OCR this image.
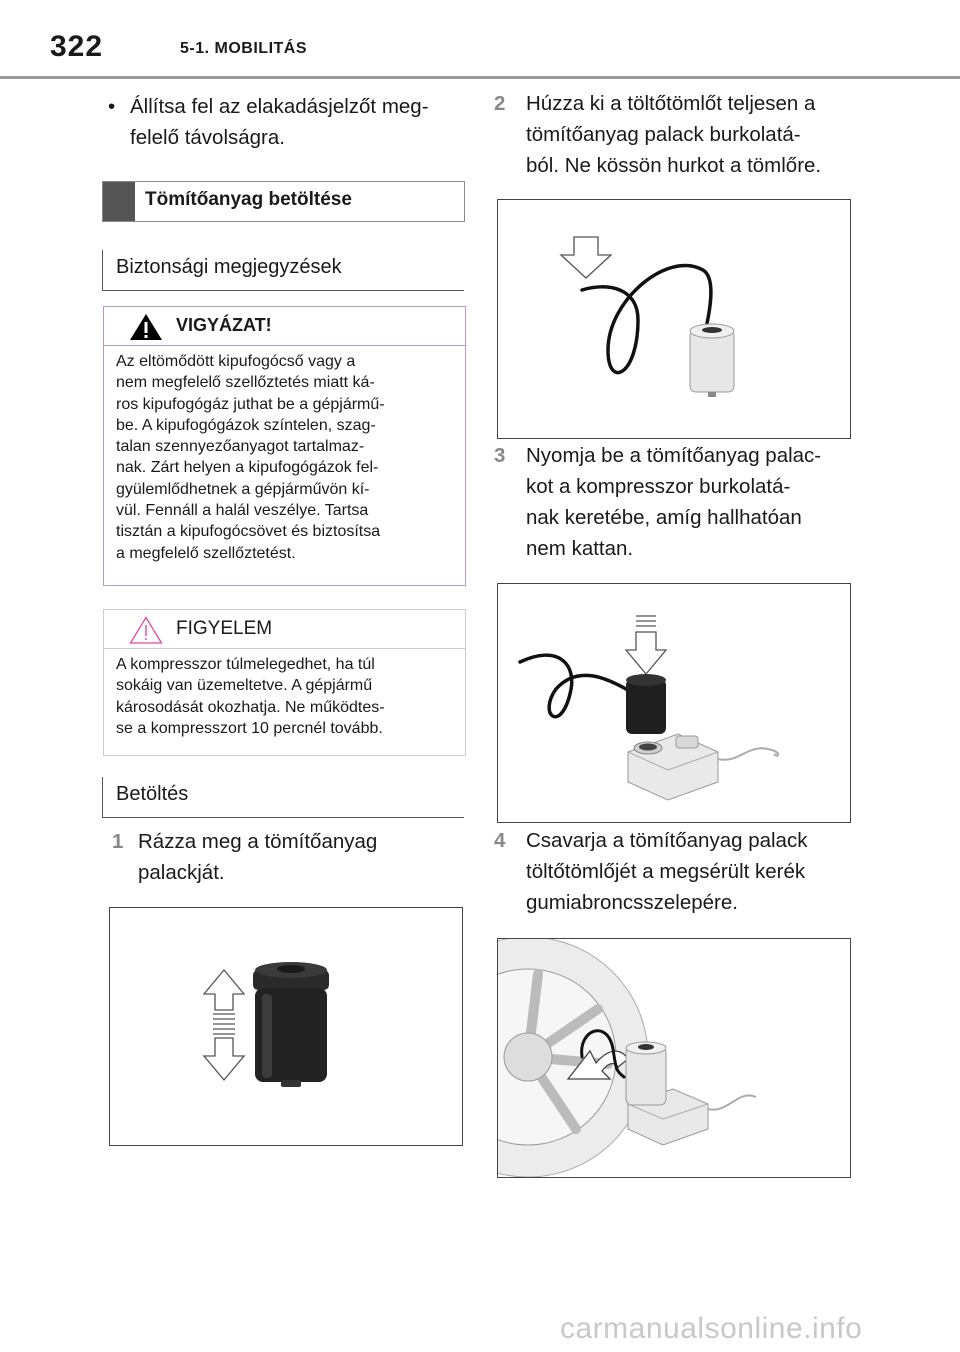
322	5-1. MOBILITÁS
• Állítsa fel az elakadásjelzőt meg-
felelő távolságra.
Tömítőanyag betöltése
Biztonsági megjegyzések
VIGYÁZAT!
Az eltömődött kipufogócső vagy a
nem megfelelő szellőztetés miatt ká-
ros kipufogógáz juthat be a gépjármű-
be. A kipufogógázok színtelen, szag-
talan szennyezőanyagot tartalmaz-
nak. Zárt helyen a kipufogógázok fel-
gyülemlődhetnek a gépjárművön kí-
vül. Fennáll a halál veszélye. Tartsa
tisztán a kipufogócsövet és biztosítsa
a megfelelő szellőztetést.
FIGYELEM
A kompresszor túlmelegedhet, ha túl
sokáig van üzemeltetve. A gépjármű
károsodását okozhatja. Ne működtes-
se a kompresszort 10 percnél tovább.
Betöltés
1 Rázza meg a tömítőanyag
palackját.
2 Húzza ki a töltőtömlőt teljesen a
tömítőanyag palack burkolatá-
ból. Ne kössön hurkot a tömlőre.
3 Nyomja be a tömítőanyag palac-
kot a kompresszor burkolatá-
nak keretébe, amíg hallhatóan
nem kattan.
4 Csavarja a tömítőanyag palack
töltőtömlőjét a megsérült kerék
gumiabroncsszelepére.
carmanualsonline.info
